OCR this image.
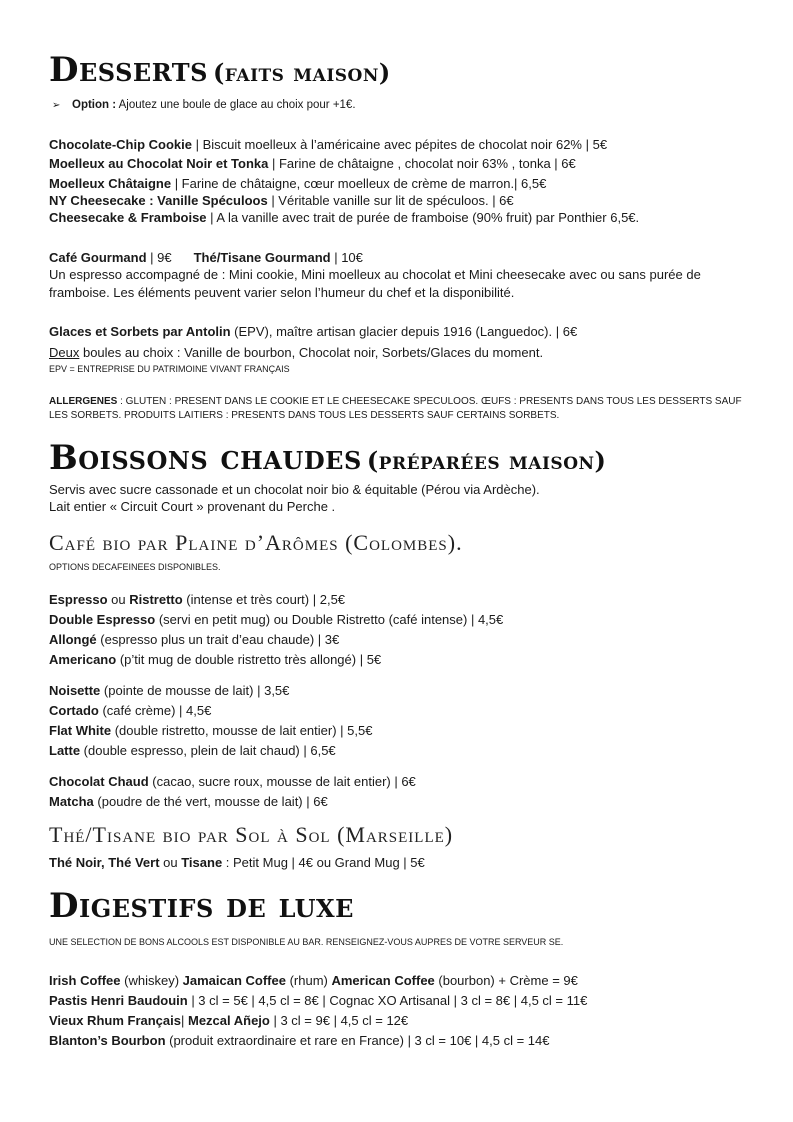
Desserts (faits maison)
➢ Option : Ajoutez une boule de glace au choix pour +1€.
Chocolate-Chip Cookie | Biscuit moelleux à l’américaine avec pépites de chocolat noir 62% | 5€
Moelleux au Chocolat Noir et Tonka | Farine de châtaigne , chocolat noir 63% , tonka | 6€
Moelleux Châtaigne | Farine de châtaigne, cœur moelleux de crème de marron.| 6,5€
NY Cheesecake : Vanille Spéculoos | Véritable vanille sur lit de spéculoos. | 6€
Cheesecake & Framboise | A la vanille avec trait de purée de framboise (90% fruit) par Ponthier 6,5€.
Café Gourmand | 9€ Thé/Tisane Gourmand | 10€
Un espresso accompagné de : Mini cookie, Mini moelleux au chocolat et Mini cheesecake avec ou sans purée de framboise. Les éléments peuvent varier selon l’humeur du chef et la disponibilité.
Glaces et Sorbets par Antolin (EPV), maître artisan glacier depuis 1916 (Languedoc). | 6€
Deux boules au choix : Vanille de bourbon, Chocolat noir, Sorbets/Glaces du moment.
EPV = ENTREPRISE DU PATRIMOINE VIVANT FRANÇAIS
ALLERGENES : GLUTEN : PRESENT DANS LE COOKIE ET LE CHEESECAKE SPECULOOS. ŒUFS : PRESENTS DANS TOUS LES DESSERTS SAUF LES SORBETS. PRODUITS LAITIERS : PRESENTS DANS TOUS LES DESSERTS SAUF CERTAINS SORBETS.
Boissons chaudes (préparées maison)
Servis avec sucre cassonade et un chocolat noir bio & équitable (Pérou via Ardèche).
Lait entier « Circuit Court » provenant du Perche .
Café bio par Plaine d’Arômes (Colombes).
OPTIONS DECAFEINEES DISPONIBLES.
Espresso ou Ristretto (intense et très court) | 2,5€
Double Espresso (servi en petit mug) ou Double Ristretto (café intense) | 4,5€
Allongé (espresso plus un trait d’eau chaude) | 3€
Americano (p’tit mug de double ristretto très allongé) | 5€
Noisette (pointe de mousse de lait) | 3,5€
Cortado (café crème) | 4,5€
Flat White (double ristretto, mousse de lait entier) | 5,5€
Latte (double espresso, plein de lait chaud) | 6,5€
Chocolat Chaud (cacao, sucre roux, mousse de lait entier) | 6€
Matcha (poudre de thé vert, mousse de lait) | 6€
Thé/Tisane bio par Sol à Sol (Marseille)
Thé Noir, Thé Vert ou Tisane : Petit Mug | 4€ ou Grand Mug | 5€
Digestifs de luxe
UNE SELECTION DE BONS ALCOOLS EST DISPONIBLE AU BAR. RENSEIGNEZ-VOUS AUPRES DE VOTRE SERVEUR SE.
Irish Coffee (whiskey) Jamaican Coffee (rhum) American Coffee (bourbon) + Crème = 9€
Pastis Henri Baudouin | 3 cl = 5€ | 4,5 cl = 8€ | Cognac XO Artisanal | 3 cl = 8€ | 4,5 cl = 11€
Vieux Rhum Français| Mezcal Añejo | 3 cl = 9€ | 4,5 cl = 12€
Blanton’s Bourbon (produit extraordinaire et rare en France) | 3 cl = 10€ | 4,5 cl = 14€
